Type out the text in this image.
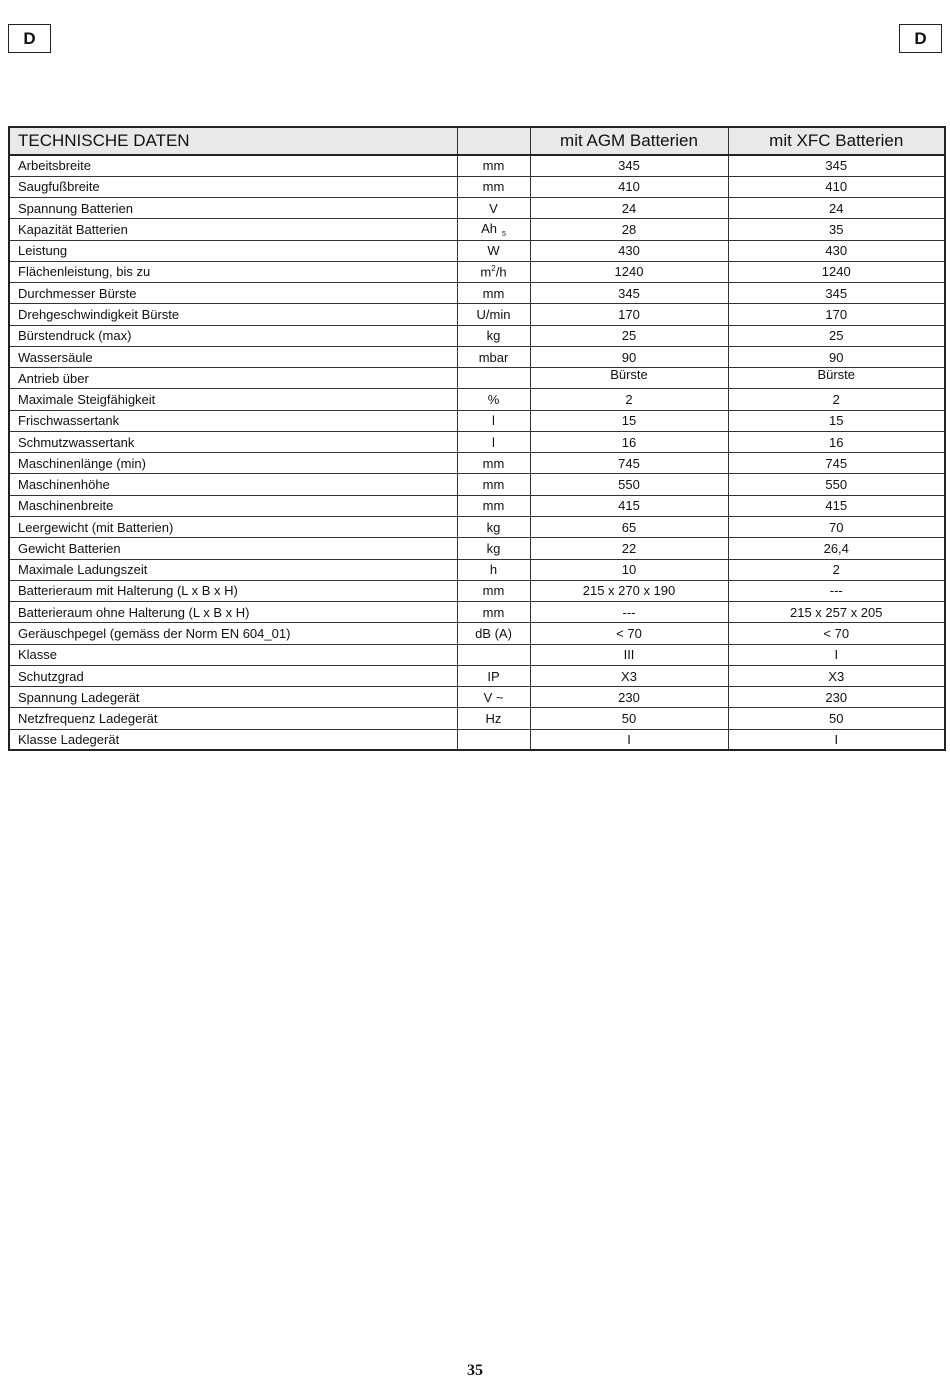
D	D
TECHNISCHE DATEN		mit AGM Batterien	mit XFC Batterien
Arbeitsbreite	mm	345	345
Saugfußbreite	mm	410	410
Spannung Batterien	V	24	24
Kapazität Batterien	Ah $_5$	28	35
Leistung	W	430	430
Flächenleistung, bis zu	$m^2/h$	1240	1240
Durchmesser Bürste	mm	345	345
Drehgeschwindigkeit Bürste	U/min	170	170
Bürstendruck (max)	kg	25	25
Wassersäule	mbar	90	90
Antrieb über		Bürste	Bürste
Maximale Steigfähigkeit	%	2	2
Frischwassertank	l	15	15
Schmutzwassertank	l	16	16
Maschinenlänge (min)	mm	745	745
Maschinenhöhe	mm	550	550
Maschinenbreite	mm	415	415
Leergewicht (mit Batterien)	kg	65	70
Gewicht Batterien	kg	22	26,4
Maximale Ladungszeit	h	10	2
Batterieraum mit Halterung (L x B x H)	mm	215 x 270 x 190	---
Batterieraum ohne Halterung (L x B x H)	mm	---	215 x 257 x 205
Geräuschpegel (gemäss der Norm EN 604_01)	dB (A)	< 70	< 70
Klasse		III	I
Schutzgrad	IP	X3	X3
Spannung Ladegerät	V ~	230	230
Netzfrequenz Ladegerät	Hz	50	50
Klasse Ladegerät		I	I
35
